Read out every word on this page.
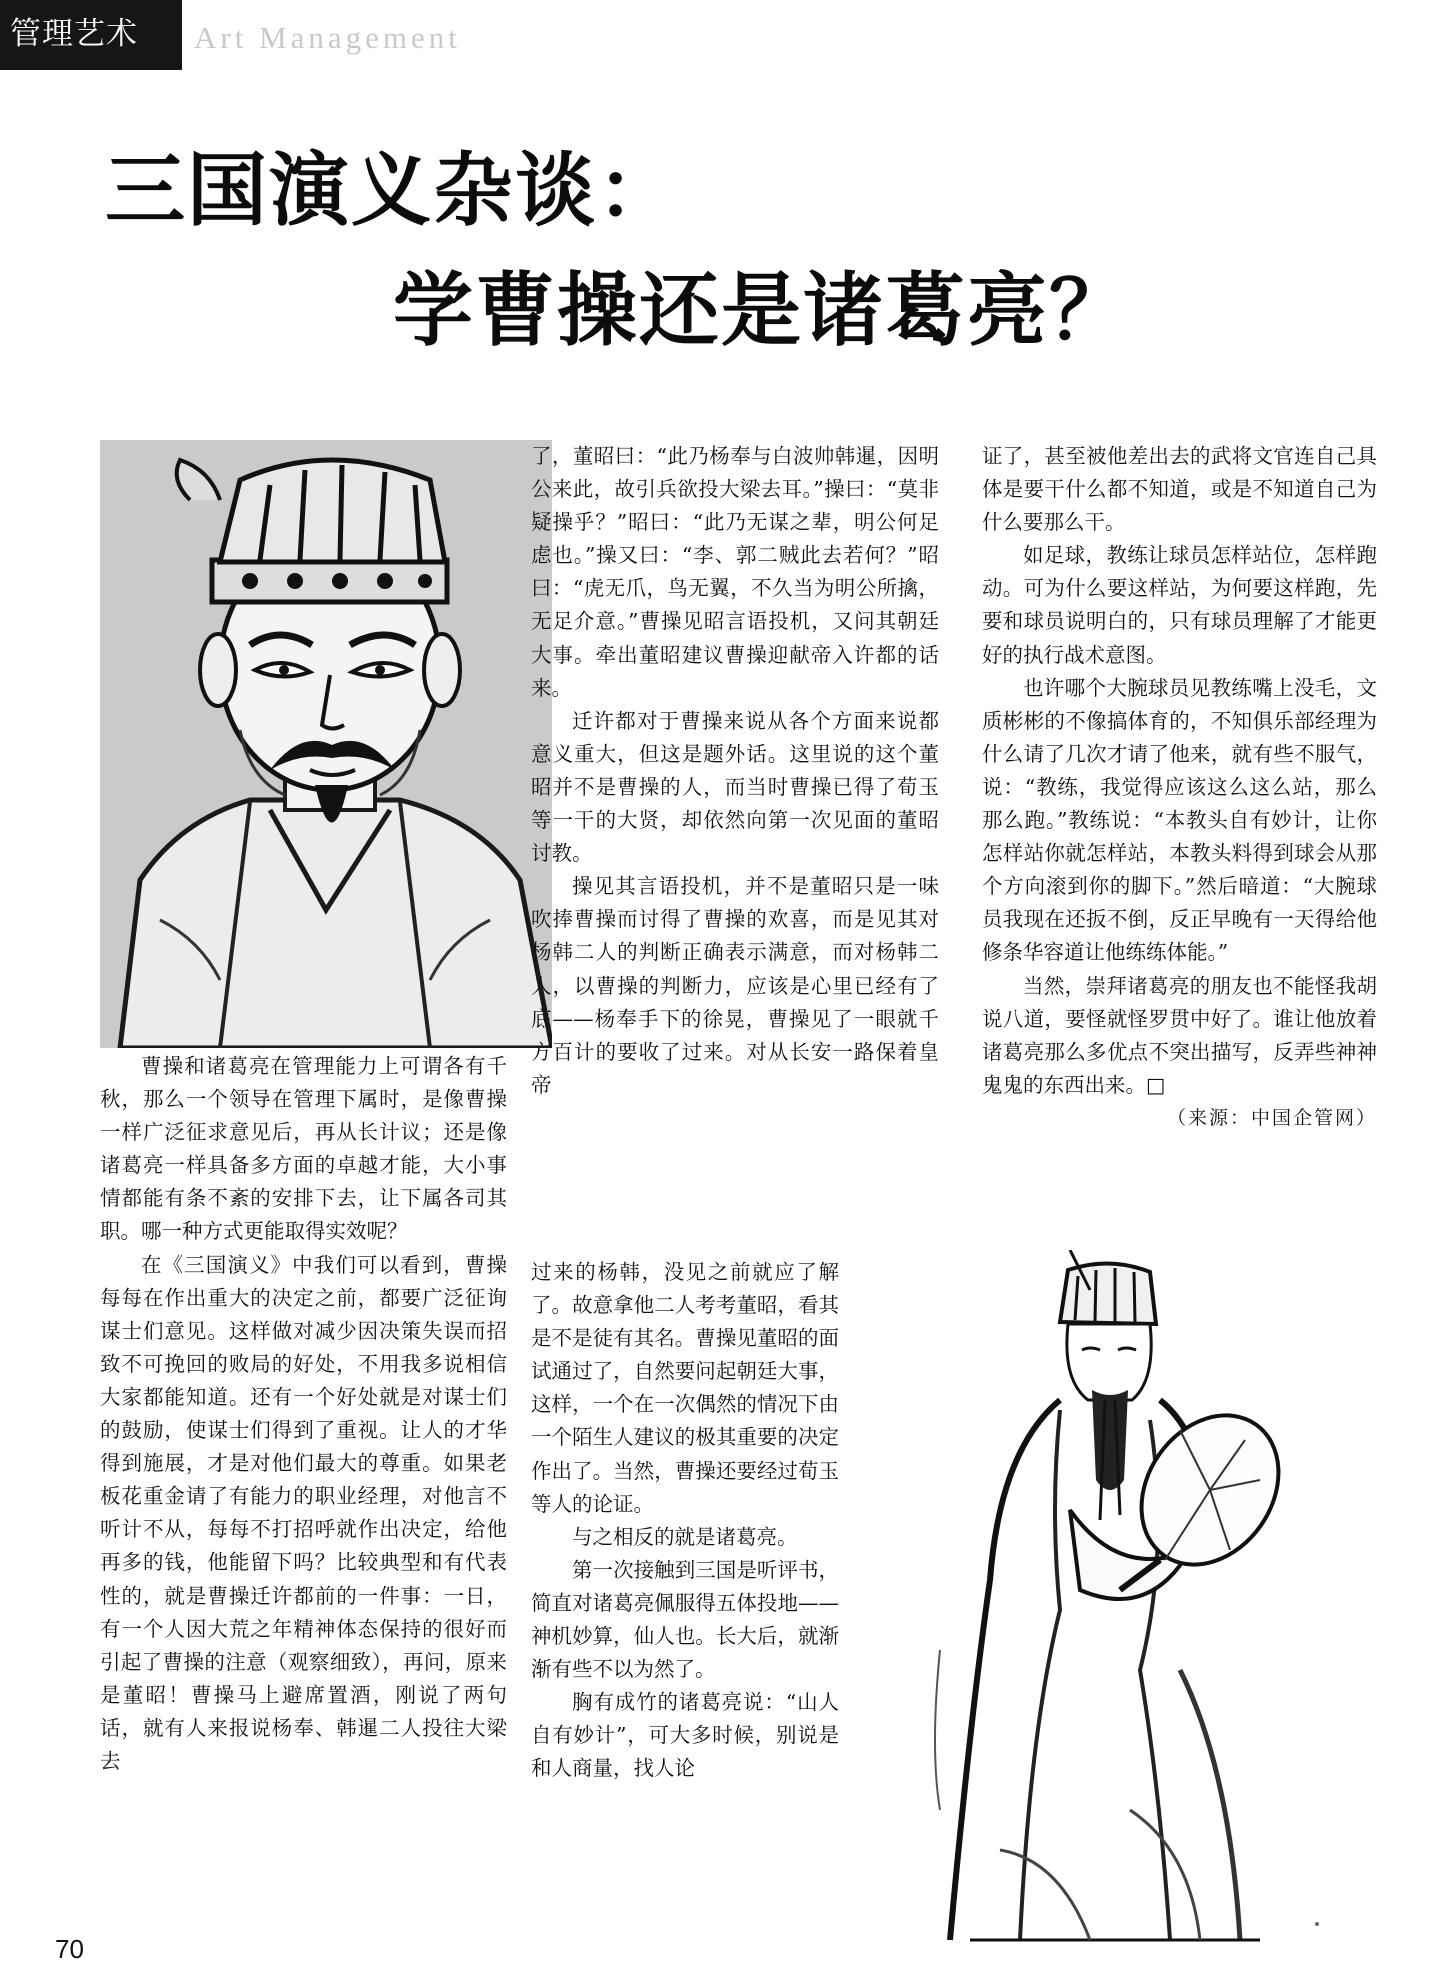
管理艺术 Art Management
三国演义杂谈：
学曹操还是诸葛亮？

曹操和诸葛亮在管理能力上可谓各有千秋，那么一个领导在管理下属时，是像曹操一样广泛征求意见后，再从长计议；还是像诸葛亮一样具备多方面的卓越才能，大小事情都能有条不紊的安排下去，让下属各司其职。哪一种方式更能取得实效呢？

在《三国演义》中我们可以看到，曹操每每在作出重大的决定之前，都要广泛征询谋士们意见。这样做对减少因决策失误而招致不可挽回的败局的好处，不用我多说相信大家都能知道。还有一个好处就是对谋士们的鼓励，使谋士们得到了重视。让人的才华得到施展，才是对他们最大的尊重。如果老板花重金请了有能力的职业经理，对他言不听计不从，每每不打招呼就作出决定，给他再多的钱，他能留下吗？比较典型和有代表性的，就是曹操迁许都前的一件事：一日，有一个人因大荒之年精神体态保持的很好而引起了曹操的注意（观察细致），再问，原来是董昭！曹操马上避席置酒，刚说了两句话，就有人来报说杨奉、韩暹二人投往大梁去

了，董昭曰：“此乃杨奉与白波帅韩暹，因明公来此，故引兵欲投大梁去耳。”操曰：“莫非疑操乎？”昭曰：“此乃无谋之辈，明公何足虑也。”操又曰：“李、郭二贼此去若何？”昭曰：“虎无爪，鸟无翼，不久当为明公所擒，无足介意。”曹操见昭言语投机，又问其朝廷大事。牵出董昭建议曹操迎献帝入许都的话来。

迁许都对于曹操来说从各个方面来说都意义重大，但这是题外话。这里说的这个董昭并不是曹操的人，而当时曹操已得了荀玉等一干的大贤，却依然向第一次见面的董昭讨教。

操见其言语投机，并不是董昭只是一味吹捧曹操而讨得了曹操的欢喜，而是见其对杨韩二人的判断正确表示满意，而对杨韩二人，以曹操的判断力，应该是心里已经有了底——杨奉手下的徐晃，曹操见了一眼就千方百计的要收了过来。对从长安一路保着皇帝

过来的杨韩，没见之前就应了解了。故意拿他二人考考董昭，看其是不是徒有其名。曹操见董昭的面试通过了，自然要问起朝廷大事，这样，一个在一次偶然的情况下由一个陌生人建议的极其重要的决定作出了。当然，曹操还要经过荀玉等人的论证。

与之相反的就是诸葛亮。

第一次接触到三国是听评书，简直对诸葛亮佩服得五体投地——神机妙算，仙人也。长大后，就渐渐有些不以为然了。

胸有成竹的诸葛亮说：“山人自有妙计”，可大多时候，别说是和人商量，找人论

证了，甚至被他差出去的武将文官连自己具体是要干什么都不知道，或是不知道自己为什么要那么干。

如足球，教练让球员怎样站位，怎样跑动。可为什么要这样站，为何要这样跑，先要和球员说明白的，只有球员理解了才能更好的执行战术意图。

也许哪个大腕球员见教练嘴上没毛，文质彬彬的不像搞体育的，不知俱乐部经理为什么请了几次才请了他来，就有些不服气，说：“教练，我觉得应该这么这么站，那么那么跑。”教练说：“本教头自有妙计，让你怎样站你就怎样站，本教头料得到球会从那个方向滚到你的脚下。”然后暗道：“大腕球员我现在还扳不倒，反正早晚有一天得给他修条华容道让他练练体能。”

当然，崇拜诸葛亮的朋友也不能怪我胡说八道，要怪就怪罗贯中好了。谁让他放着诸葛亮那么多优点不突出描写，反弄些神神鬼鬼的东西出来。□

（来源：中国企管网）
70
